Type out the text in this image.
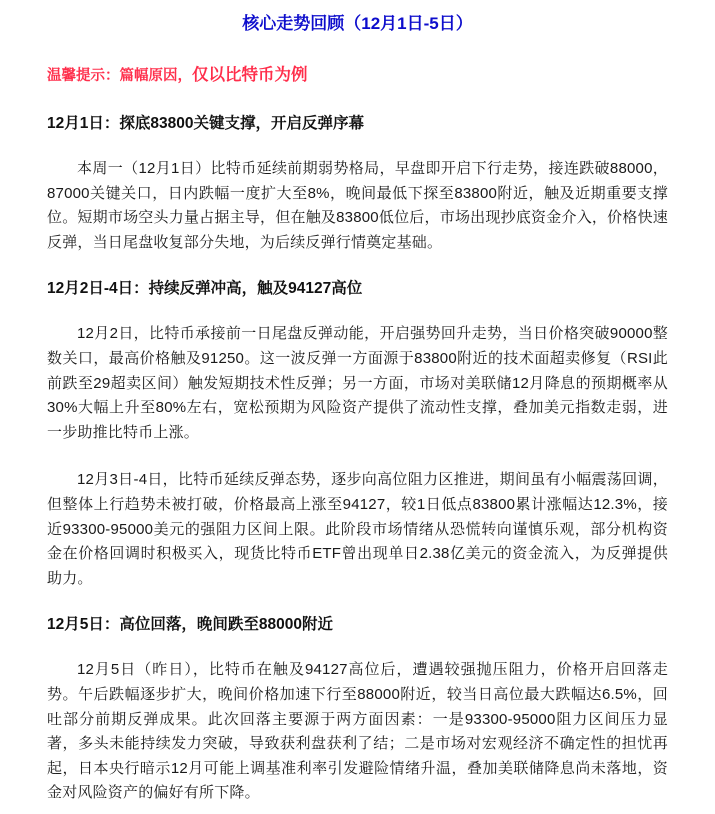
核心走势回顾（12月1日-5日）

温馨提示：篇幅原因，仅以比特币为例

12月1日：探底83800关键支撑，开启反弹序幕

本周一（12月1日）比特币延续前期弱势格局，早盘即开启下行走势，接连跌破88000，87000关键关口，日内跌幅一度扩大至8%，晚间最低下探至83800附近，触及近期重要支撑位。短期市场空头力量占据主导，但在触及83800低位后，市场出现抄底资金介入，价格快速反弹，当日尾盘收复部分失地，为后续反弹行情奠定基础。

12月2日-4日：持续反弹冲高，触及94127高位

12月2日，比特币承接前一日尾盘反弹动能，开启强势回升走势，当日价格突破90000整数关口，最高价格触及91250。这一波反弹一方面源于83800附近的技术面超卖修复（RSI此前跌至29超卖区间）触发短期技术性反弹；另一方面，市场对美联储12月降息的预期概率从30%大幅上升至80%左右，宽松预期为风险资产提供了流动性支撑，叠加美元指数走弱，进一步助推比特币上涨。

12月3日-4日，比特币延续反弹态势，逐步向高位阻力区推进，期间虽有小幅震荡回调，但整体上行趋势未被打破，价格最高上涨至94127，较1日低点83800累计涨幅达12.3%，接近93300-95000美元的强阻力区间上限。此阶段市场情绪从恐慌转向谨慎乐观，部分机构资金在价格回调时积极买入，现货比特币ETF曾出现单日2.38亿美元的资金流入，为反弹提供助力。

12月5日：高位回落，晚间跌至88000附近

12月5日（昨日），比特币在触及94127高位后，遭遇较强抛压阻力，价格开启回落走势。午后跌幅逐步扩大，晚间价格加速下行至88000附近，较当日高位最大跌幅达6.5%，回吐部分前期反弹成果。此次回落主要源于两方面因素：一是93300-95000阻力区间压力显著，多头未能持续发力突破，导致获利盘获利了结；二是市场对宏观经济不确定性的担忧再起，日本央行暗示12月可能上调基准利率引发避险情绪升温，叠加美联储降息尚未落地，资金对风险资产的偏好有所下降。
